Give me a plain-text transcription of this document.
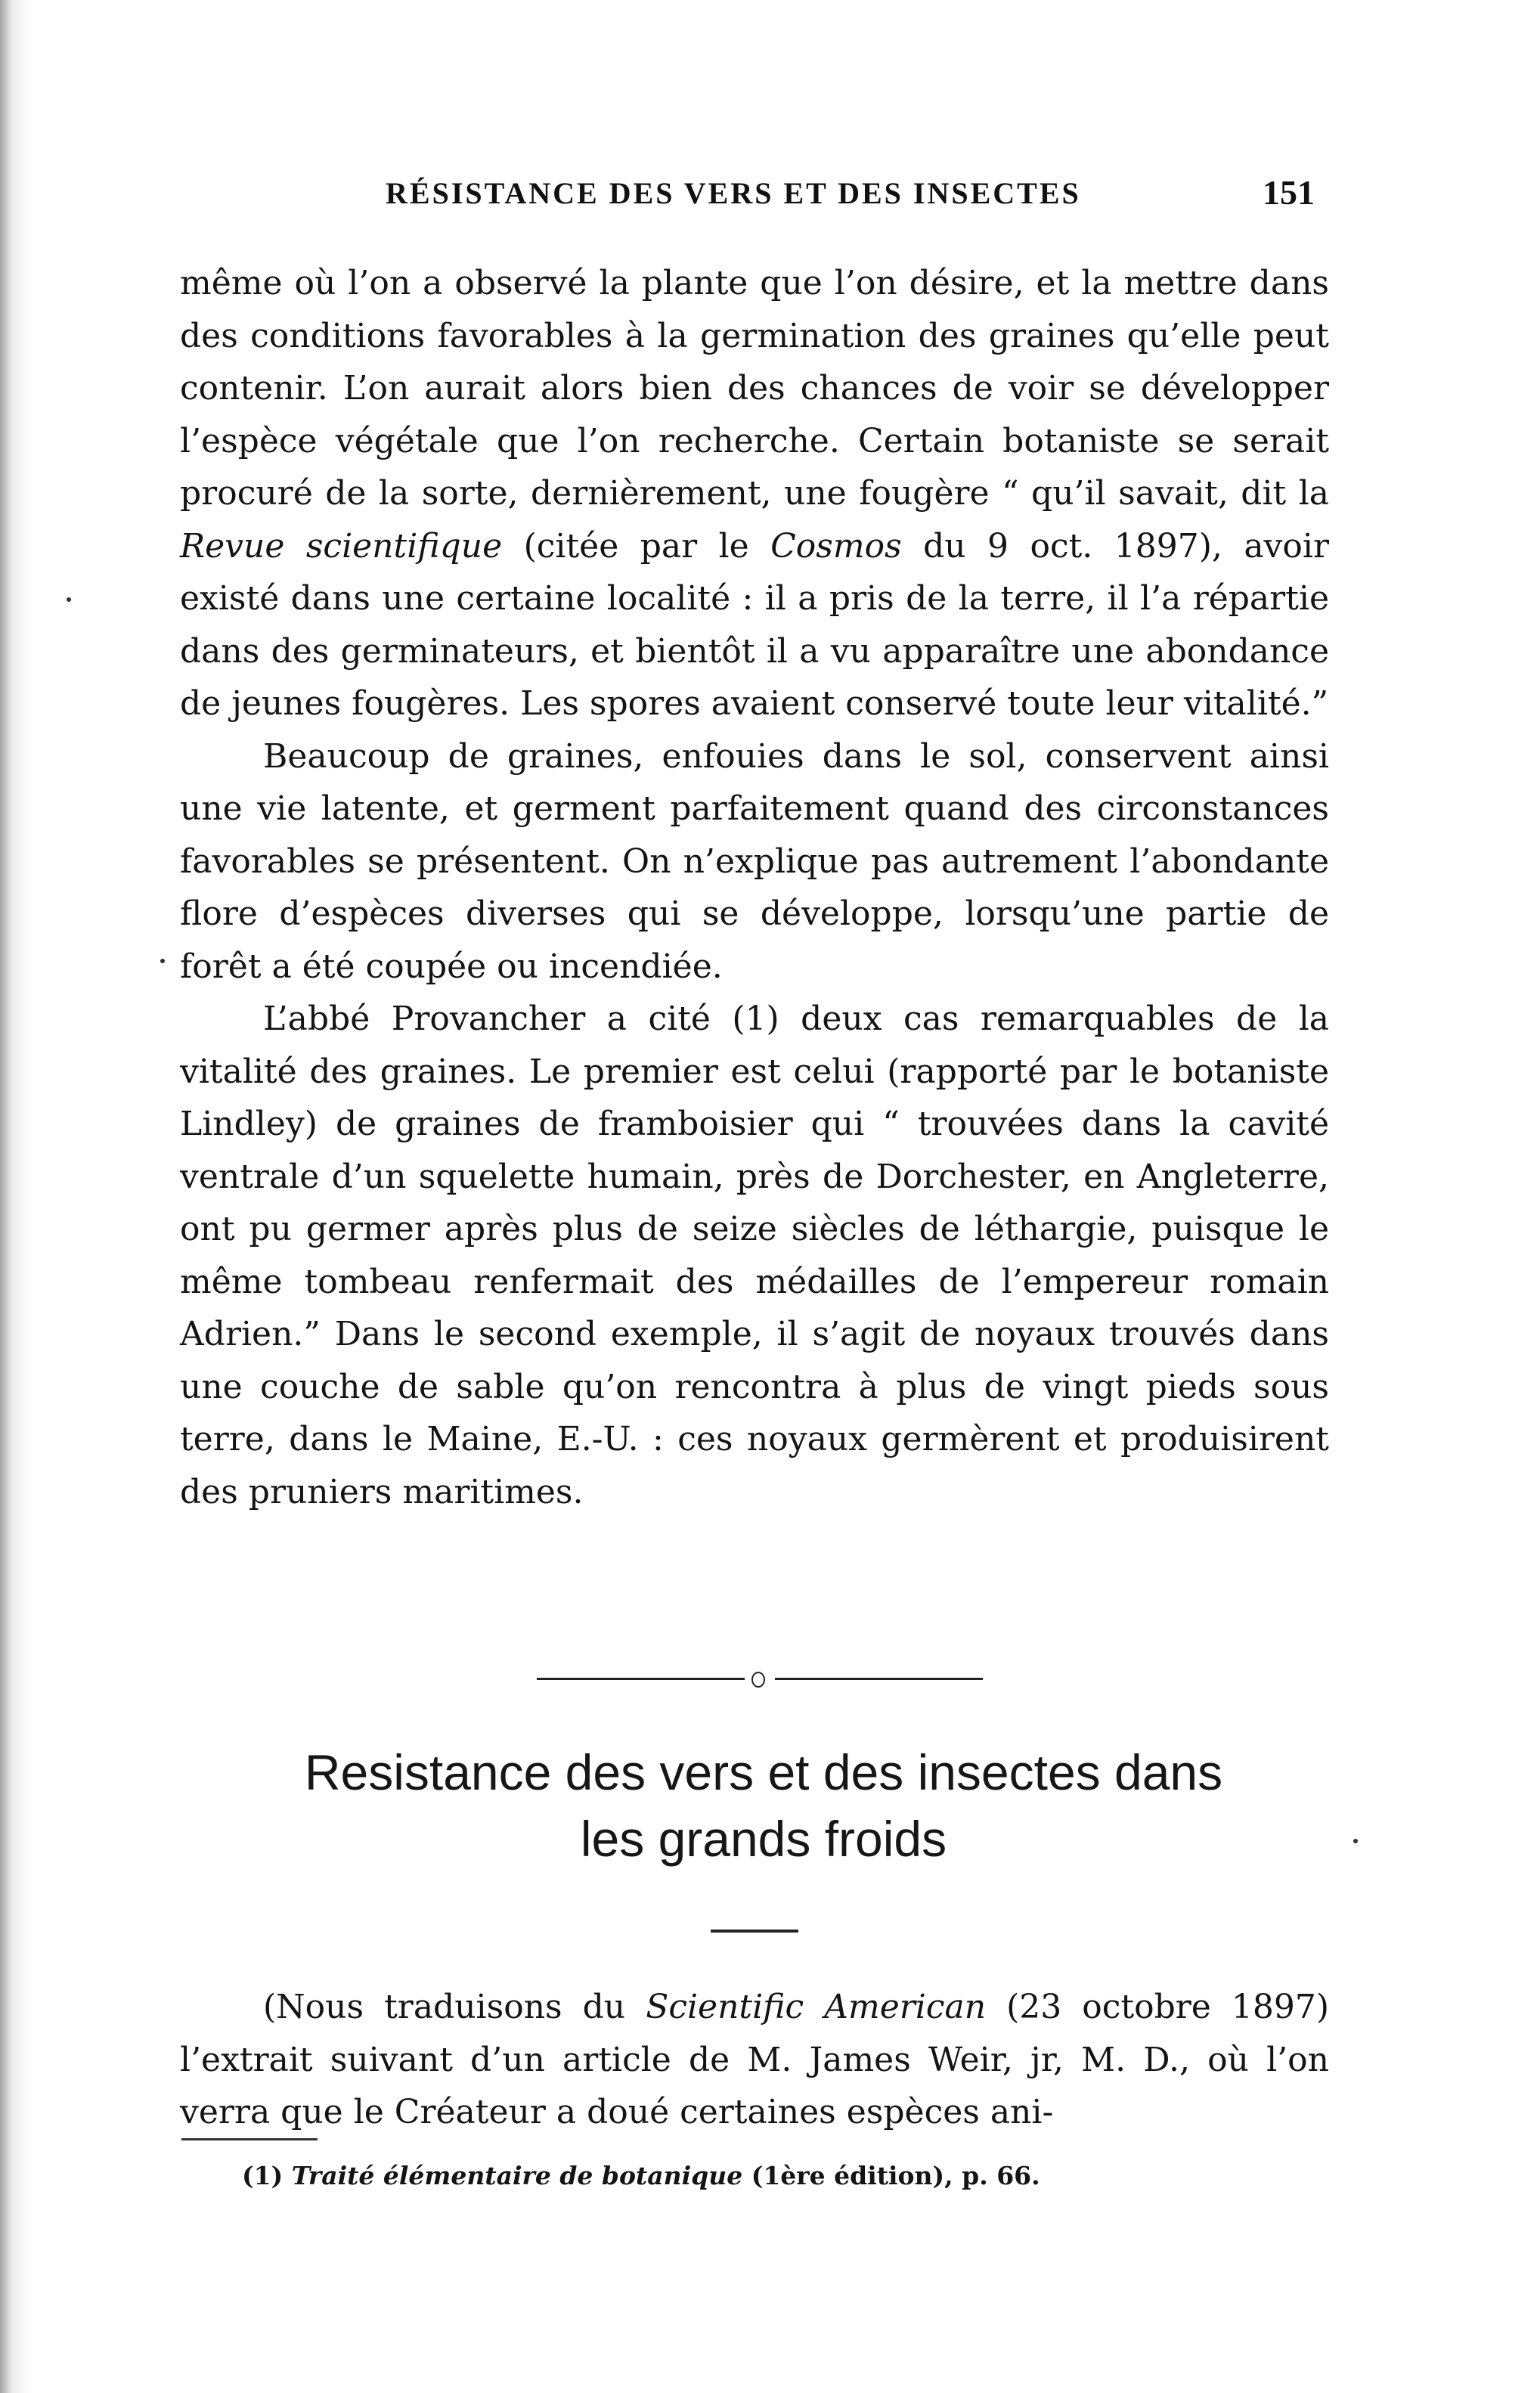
RÉSISTANCE DES VERS ET DES INSECTES	151

même où l’on a observé la plante que l’on désire, et la mettre dans des conditions favorables à la germination des graines qu’elle peut contenir. L’on aurait alors bien des chances de voir se développer l’espèce végétale que l’on recherche. Certain botaniste se serait procuré de la sorte, dernièrement, une fougère “ qu’il savait, dit la Revue scientifique (citée par le Cosmos du 9 oct. 1897), avoir existé dans une certaine localité : il a pris de la terre, il l’a répartie dans des germinateurs, et bientôt il a vu apparaître une abondance de jeunes fougères. Les spores avaient conservé toute leur vitalité.”

Beaucoup de graines, enfouies dans le sol, conservent ainsi une vie latente, et germent parfaitement quand des circonstances favorables se présentent. On n’explique pas autrement l’abondante flore d’espèces diverses qui se développe, lorsqu’une partie de forêt a été coupée ou incendiée.

L’abbé Provancher a cité (1) deux cas remarquables de la vitalité des graines. Le premier est celui (rapporté par le botaniste Lindley) de graines de framboisier qui “ trouvées dans la cavité ventrale d’un squelette humain, près de Dorchester, en Angleterre, ont pu germer après plus de seize siècles de léthargie, puisque le même tombeau renfermait des médailles de l’empereur romain Adrien.” Dans le second exemple, il s’agit de noyaux trouvés dans une couche de sable qu’on rencontra à plus de vingt pieds sous terre, dans le Maine, E.-U. : ces noyaux germèrent et produisirent des pruniers maritimes.

Resistance des vers et des insectes dans
les grands froids

(Nous traduisons du Scientific American (23 octobre 1897) l’extrait suivant d’un article de M. James Weir, jr, M. D., où l’on verra que le Créateur a doué certaines espèces ani-

(1) Traité élémentaire de botanique (1ère édition), p. 66.
